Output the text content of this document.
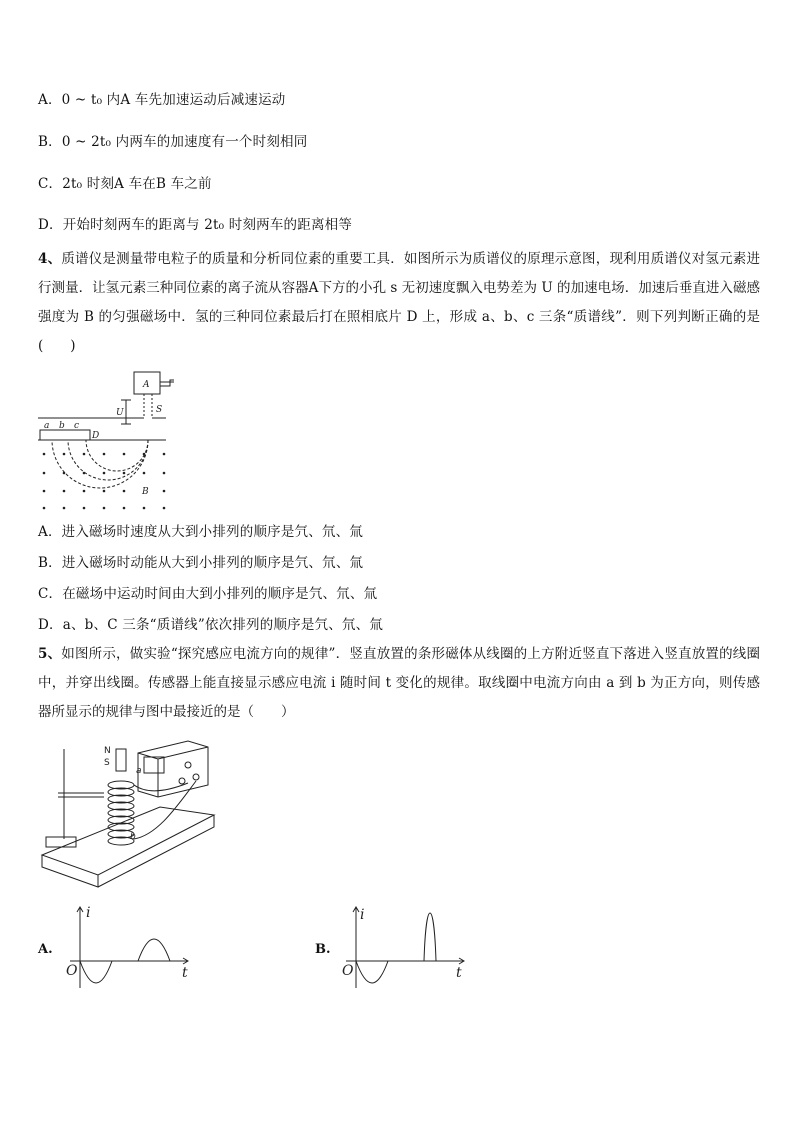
A．0 ~ t₀ 内A 车先加速运动后减速运动
B．0 ~ 2t₀ 内两车的加速度有一个时刻相同
C．2t₀ 时刻A 车在B 车之前
D．开始时刻两车的距离与 2t₀ 时刻两车的距离相等
4、质谱仪是测量带电粒子的质量和分析同位素的重要工具．如图所示为质谱仪的原理示意图，现利用质谱仪对氢元素进行测量．让氢元素三种同位素的离子流从容器A下方的小孔 s 无初速度飘入电势差为 U 的加速电场．加速后垂直进入磁感强度为 B 的匀强磁场中．氢的三种同位素最后打在照相底片 D 上，形成 a、b、c 三条“质谱线”．则下列判断正确的是(　　)
A
U	S
a b c
D
B
A．进入磁场时速度从大到小排列的顺序是氕、氘、氚
B．进入磁场时动能从大到小排列的顺序是氕、氘、氚
C．在磁场中运动时间由大到小排列的顺序是氕、氘、氚
D．a、b、C 三条“质谱线”依次排列的顺序是氕、氘、氚
5、如图所示，做实验“探究感应电流方向的规律”．竖直放置的条形磁体从线圈的上方附近竖直下落进入竖直放置的线圈中，并穿出线圈。传感器上能直接显示感应电流 i 随时间 t 变化的规律。取线圈中电流方向由 a 到 b 为正方向，则传感器所显示的规律与图中最接近的是（　　）
N
S
a
b
A.
i
t
O
B.
i
t
O
